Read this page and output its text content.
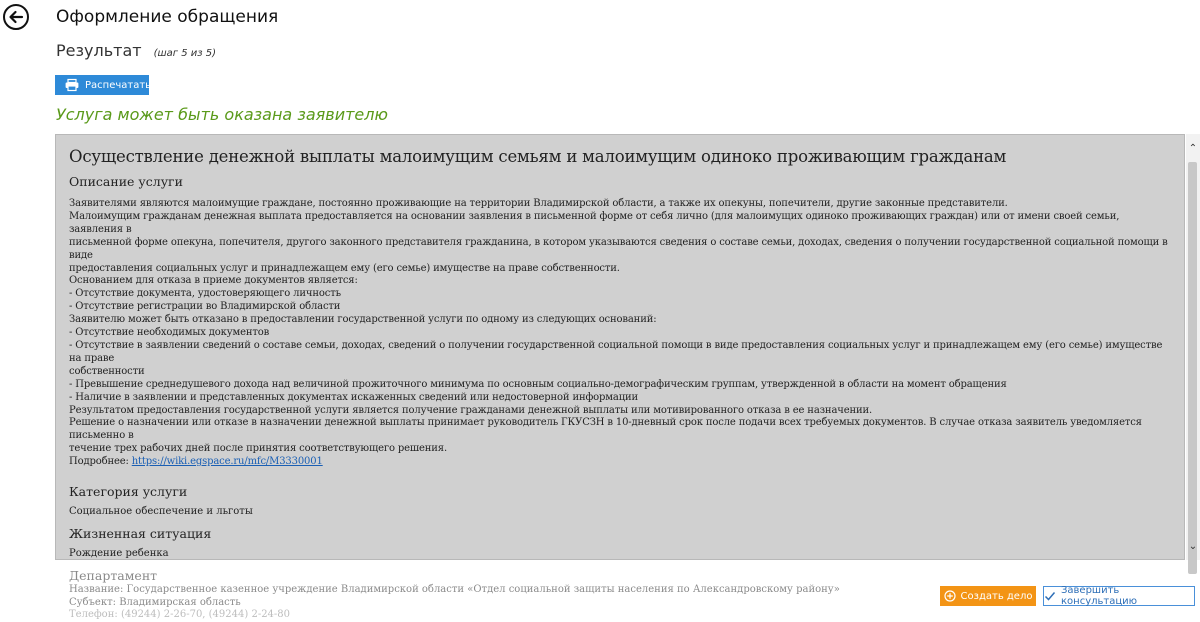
Оформление обращения
Результат (шаг 5 из 5)
Распечатать
Услуга может быть оказана заявителю
Осуществление денежной выплаты малоимущим семьям и малоимущим одиноко проживающим гражданам
Описание услуги
Заявителями являются малоимущие граждане, постоянно проживающие на территории Владимирской области, а также их опекуны, попечители, другие законные представители.
Малоимущим гражданам денежная выплата предоставляется на основании заявления в письменной форме от себя лично (для малоимущих одиноко проживающих граждан) или от имени своей семьи, заявления в
письменной форме опекуна, попечителя, другого законного представителя гражданина, в котором указываются сведения о составе семьи, доходах, сведения о получении государственной социальной помощи в виде
предоставления социальных услуг и принадлежащем ему (его семье) имуществе на праве собственности.
Основанием для отказа в приеме документов является:
- Отсутствие документа, удостоверяющего личность
- Отсутствие регистрации во Владимирской области
Заявителю может быть отказано в предоставлении государственной услуги по одному из следующих оснований:
- Отсутствие необходимых документов
- Отсутствие в заявлении сведений о составе семьи, доходах, сведений о получении государственной социальной помощи в виде предоставления социальных услуг и принадлежащем ему (его семье) имуществе на праве
собственности
- Превышение среднедушевого дохода над величиной прожиточного минимума по основным социально-демографическим группам, утвержденной в области на момент обращения
- Наличие в заявлении и представленных документах искаженных сведений или недостоверной информации
Результатом предоставления государственной услуги является получение гражданами денежной выплаты или мотивированного отказа в ее назначении.
Решение о назначении или отказе в назначении денежной выплаты принимает руководитель ГКУСЗН в 10-дневный срок после подачи всех требуемых документов. В случае отказа заявитель уведомляется письменно в
течение трех рабочих дней после принятия соответствующего решения.
Подробнее: https://wiki.egspace.ru/mfc/M3330001
Категория услуги
Социальное обеспечение и льготы
Жизненная ситуация
Рождение ребенка
Департамент
Название: Государственное казенное учреждение Владимирской области «Отдел социальной защиты населения по Александровскому району»
Субъект: Владимирская область
Телефон: (49244) 2-26-70, (49244) 2-24-80
⌃
⌄
Создать дело	Завершить консультацию
